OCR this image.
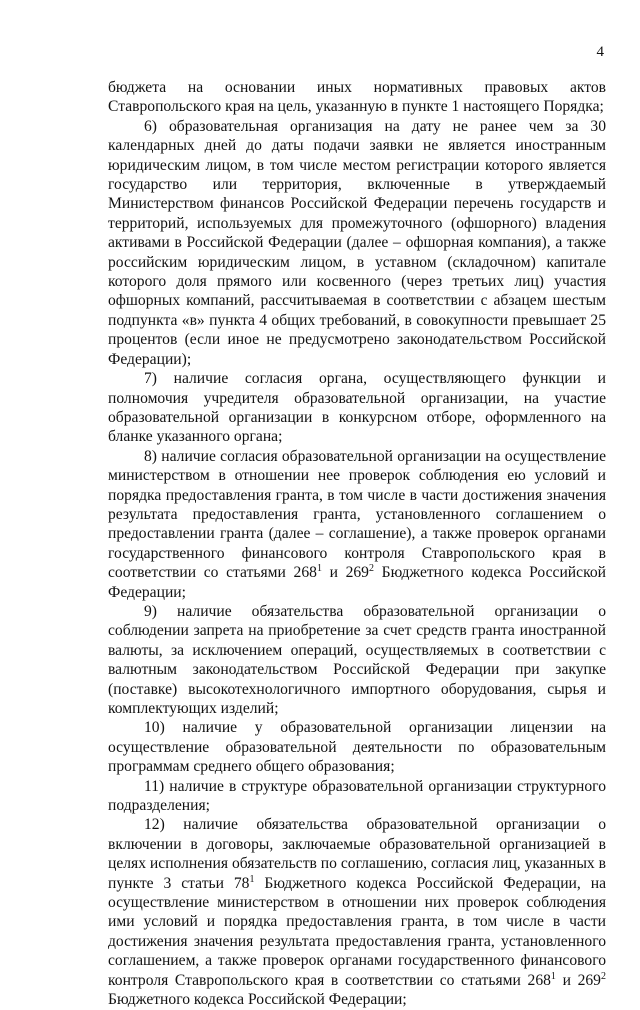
4

бюджета на основании иных нормативных правовых актов Ставропольского края на цель, указанную в пункте 1 настоящего Порядка;

6) образовательная организация на дату не ранее чем за 30 календарных дней до даты подачи заявки не является иностранным юридическим лицом, в том числе местом регистрации которого является государство или территория, включенные в утверждаемый Министерством финансов Российской Федерации перечень государств и территорий, используемых для промежуточного (офшорного) владения активами в Российской Федерации (далее – офшорная компания), а также российским юридическим лицом, в уставном (складочном) капитале которого доля прямого или косвенного (через третьих лиц) участия офшорных компаний, рассчитываемая в соответствии с абзацем шестым подпункта «в» пункта 4 общих требований, в совокупности превышает 25 процентов (если иное не предусмотрено законодательством Российской Федерации);

7) наличие согласия органа, осуществляющего функции и полномочия учредителя образовательной организации, на участие образовательной организации в конкурсном отборе, оформленного на бланке указанного органа;

8) наличие согласия образовательной организации на осуществление министерством в отношении нее проверок соблюдения ею условий и порядка предоставления гранта, в том числе в части достижения значения результата предоставления гранта, установленного соглашением о предоставлении гранта (далее – соглашение), а также проверок органами государственного финансового контроля Ставропольского края в соответствии со статьями $268^1$ и $269^2$ Бюджетного кодекса Российской Федерации;

9) наличие обязательства образовательной организации о соблюдении запрета на приобретение за счет средств гранта иностранной валюты, за исключением операций, осуществляемых в соответствии с валютным законодательством Российской Федерации при закупке (поставке) высокотехнологичного импортного оборудования, сырья и комплектующих изделий;

10) наличие у образовательной организации лицензии на осуществление образовательной деятельности по образовательным программам среднего общего образования;

11) наличие в структуре образовательной организации структурного подразделения;

12) наличие обязательства образовательной организации о включении в договоры, заключаемые образовательной организацией в целях исполнения обязательств по соглашению, согласия лиц, указанных в пункте 3 статьи $78^1$ Бюджетного кодекса Российской Федерации, на осуществление министерством в отношении них проверок соблюдения ими условий и порядка предоставления гранта, в том числе в части достижения значения результата предоставления гранта, установленного соглашением, а также проверок органами государственного финансового контроля Ставропольского края в соответствии со статьями $268^1$ и $269^2$ Бюджетного кодекса Российской Федерации;
